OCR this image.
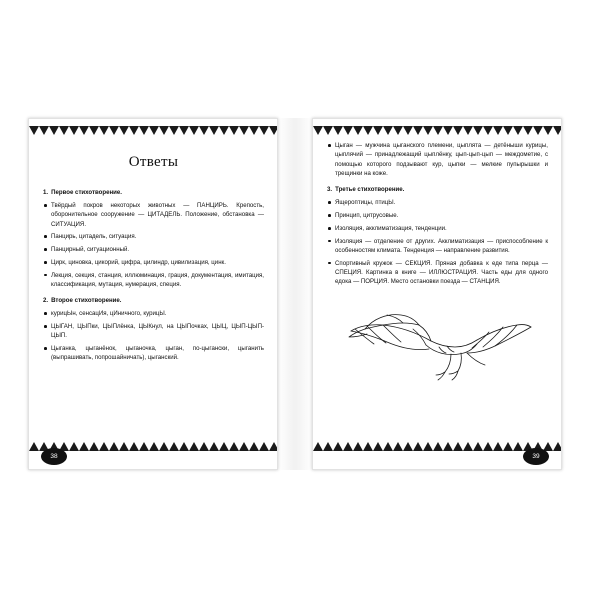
Ответы
1. Первое стихотворение.
Твёрдый покров некоторых животных — ПАНЦИРЬ. Крепость, оборонительное сооружение — ЦИТАДЕЛЬ. Положение, обстановка — СИТУАЦИЯ.
Панцирь, цитадель, ситуация.
Панцирный, ситуационный.
Цирк, циновка, цикорий, цифра, цилиндр, цивилизация, цинк.
Лекция, секция, станция, иллюминация, грация, документация, имитация, классификация, мутация, нумерация, специя.
2. Второе стихотворение.
курицЫн, сенсацИя, цИничного, курицЫ.
ЦЫГАН, ЦЫПки, ЦЫПлёнка, ЦЫКнул, на ЦЫПочках, ЦЫЦ, ЦЫП-ЦЫП-ЦЫП.
Цыганка, цыганёнок, цыганочка, цыган, по-цыгански, цыганить (выпрашивать, попрошайничать), цыганский.
38
Цыган — мужчина цыганского племени, цыплята — детёныши курицы, цыплячий — принадлежащий цыплёнку, цып-цып-цып — междометие, с помощью которого подзывают кур, цыпки — мелкие пупырышки и трещинки на коже.
3. Третье стихотворение.
Ящероптицы, птицЫ.
Принцип, цитрусовые.
Изоляция, акклиматизация, тенденции.
Изоляция — отделение от других. Акклиматизация — приспособление к особенностям климата. Тенденция — направление развития.
Спортивный кружок — СЕКЦИЯ. Пряная добавка к еде типа перца — СПЕЦИЯ. Картинка в книге — ИЛЛЮСТРАЦИЯ. Часть еды для одного едока — ПОРЦИЯ. Место остановки поезда — СТАНЦИЯ.
39
